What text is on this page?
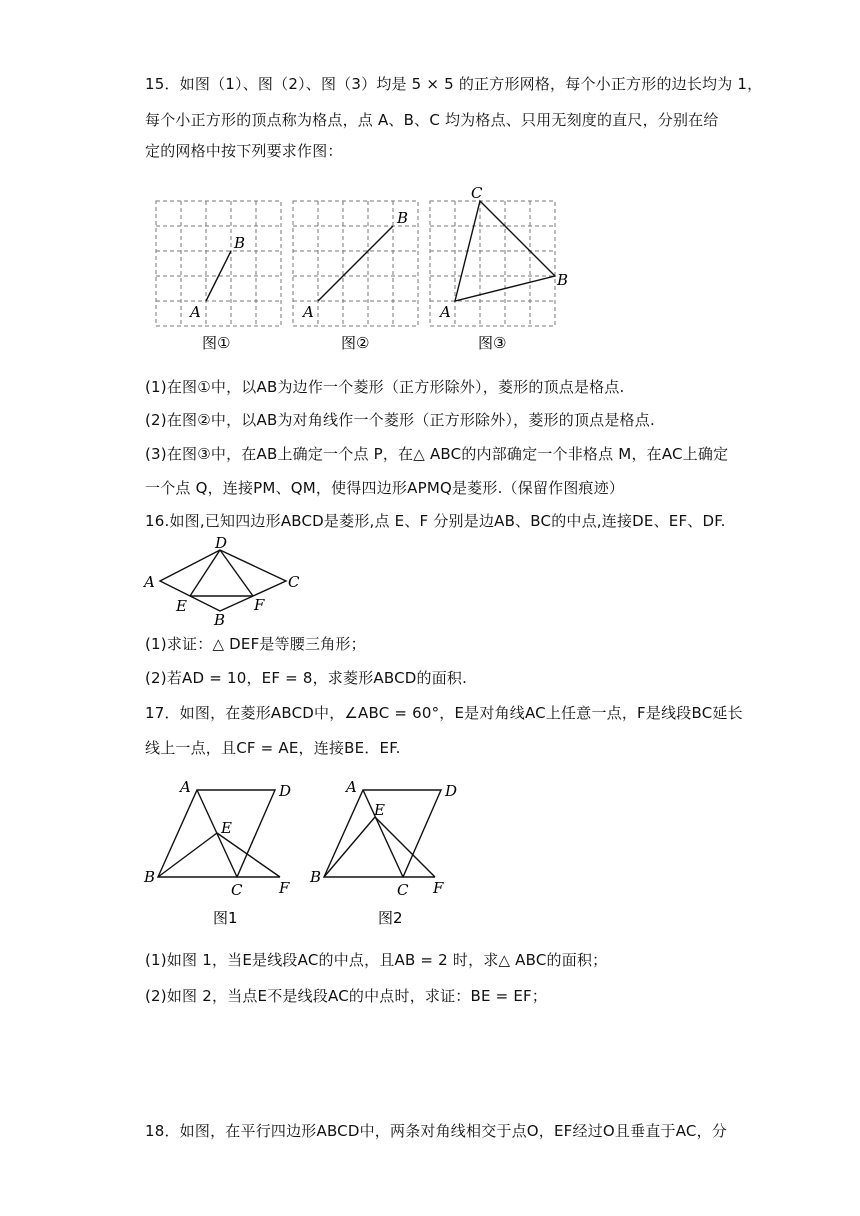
15．如图（1）、图（2）、图（3）均是 5 × 5 的正方形网格，每个小正方形的边长均为 1，
每个小正方形的顶点称为格点，点 A、B、C 均为格点、只用无刻度的直尺，分别在给
定的网格中按下列要求作图：
A
B
图①
A
B
图②
A
B
C
图③
(1)在图①中，以AB为边作一个菱形（正方形除外），菱形的顶点是格点.
(2)在图②中，以AB为对角线作一个菱形（正方形除外），菱形的顶点是格点.
(3)在图③中，在AB上确定一个点 P，在△ ABC的内部确定一个非格点 M，在AC上确定
一个点 Q，连接PM、QM，使得四边形APMQ是菱形.（保留作图痕迹）
16.如图,已知四边形ABCD是菱形,点 E、F 分别是边AB、BC的中点,连接DE、EF、DF.
A
B
C
D
E	F
(1)求证：△ DEF是等腰三角形；
(2)若AD = 10，EF = 8，求菱形ABCD的面积.
17．如图，在菱形ABCD中，∠ABC = 60°，E是对角线AC上任意一点，F是线段BC延长
线上一点，且CF = AE，连接BE．EF.
A
B
C
D
E
F
图1
A
B
C
D
E
F
图2
(1)如图 1，当E是线段AC的中点，且AB = 2 时，求△ ABC的面积；
(2)如图 2，当点E不是线段AC的中点时，求证：BE = EF；
18．如图，在平行四边形ABCD中，两条对角线相交于点O，EF经过O且垂直于AC，分
